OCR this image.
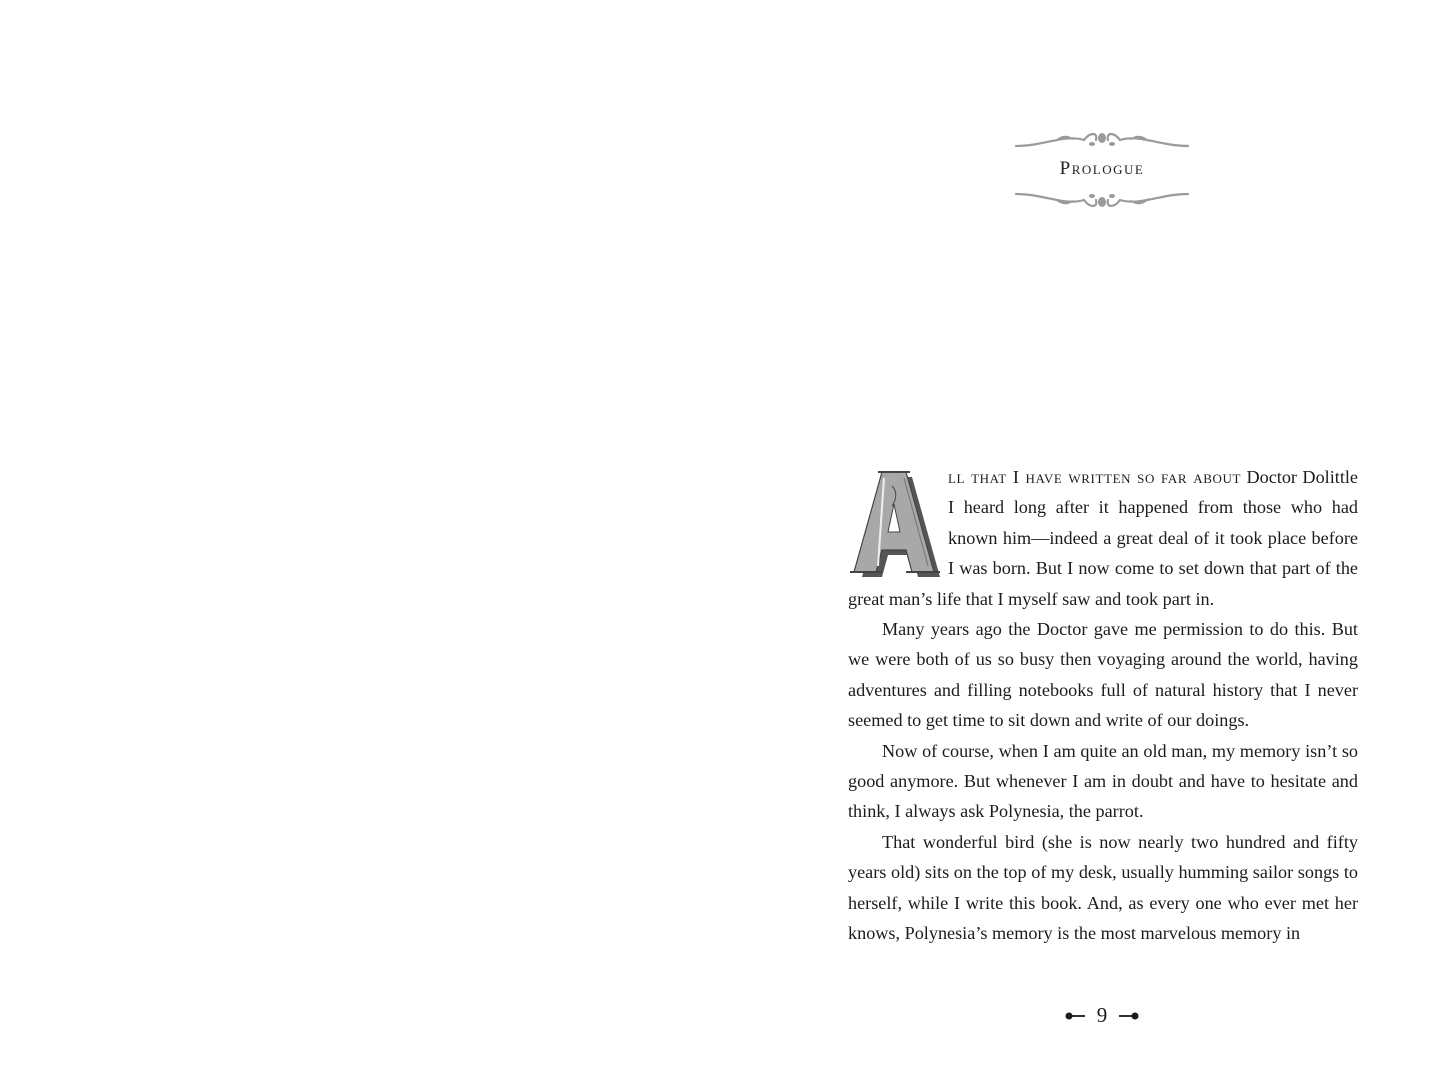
Prologue

ll that I have written so far about Doctor Dolittle I heard long after it happened from those who had known him—indeed a great deal of it took place before I was born. But I now come to set down that part of the great man’s life that I myself saw and took part in.

Many years ago the Doctor gave me permission to do this. But we were both of us so busy then voyaging around the world, having adventures and filling notebooks full of natural history that I never seemed to get time to sit down and write of our doings.

Now of course, when I am quite an old man, my memory isn’t so good anymore. But whenever I am in doubt and have to hesitate and think, I always ask Polynesia, the parrot.

That wonderful bird (she is now nearly two hundred and fifty years old) sits on the top of my desk, usually humming sailor songs to herself, while I write this book. And, as every one who ever met her knows, Polynesia’s memory is the most marvelous memory in

9
